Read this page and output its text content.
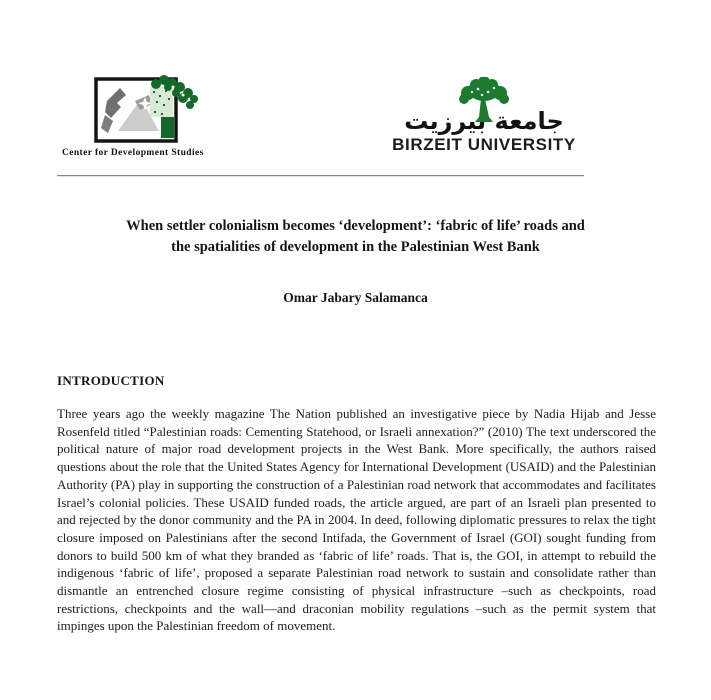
Center for Development Studies
جامعة بيرزيت
BIRZEIT UNIVERSITY
When settler colonialism becomes ‘development’: ‘fabric of life’ roads and
the spatialities of development in the Palestinian West Bank
Omar Jabary Salamanca
INTRODUCTION

Three years ago the weekly magazine The Nation published an investigative piece by Nadia Hijab and Jesse Rosenfeld titled “Palestinian roads: Cementing Statehood, or Israeli annexation?” (2010) The text underscored the political nature of major road development projects in the West Bank. More specifically, the authors raised questions about the role that the United States Agency for International Development (USAID) and the Palestinian Authority (PA) play in supporting the construction of a Palestinian road network that accommodates and facilitates Israel’s colonial policies. These USAID funded roads, the article argued, are part of an Israeli plan presented to and rejected by the donor community and the PA in 2004. In deed, following diplomatic pressures to relax the tight closure imposed on Palestinians after the second Intifada, the Government of Israel (GOI) sought funding from donors to build 500 km of what they branded as ‘fabric of life’ roads. That is, the GOI, in attempt to rebuild the indigenous ‘fabric of life’, proposed a separate Palestinian road network to sustain and consolidate rather than dismantle an entrenched closure regime consisting of physical infrastructure –such as checkpoints, road restrictions, checkpoints and the wall—and draconian mobility regulations –such as the permit system that impinges upon the Palestinian freedom of movement.
